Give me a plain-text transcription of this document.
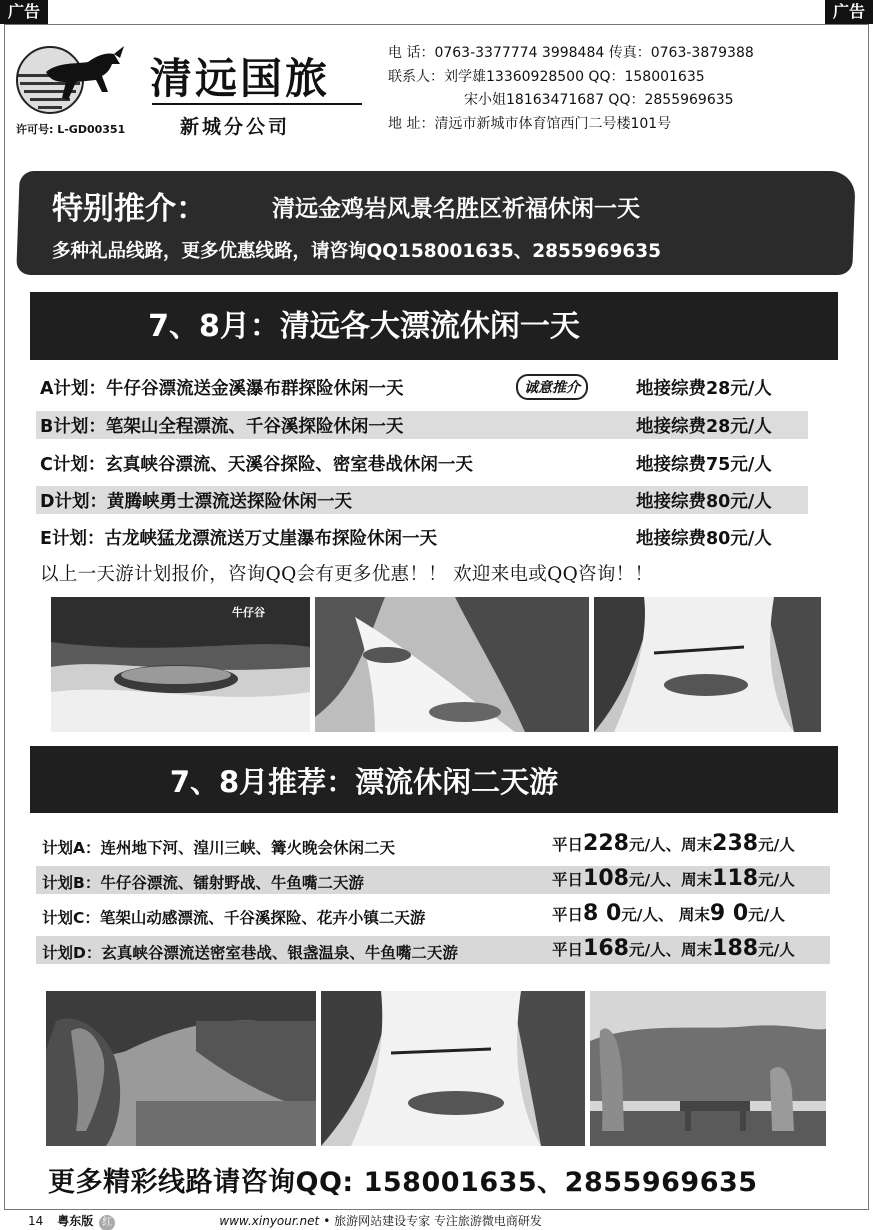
广告	广告
许可号: L-GD00351
清远国旅
新城分公司
电 话：0763-3377774 3998484 传真：0763-3879388
联系人：刘学雄13360928500 QQ：158001635
宋小姐18163471687 QQ：2855969635
地 址：清远市新城市体育馆西门二号楼101号
特别推介：	清远金鸡岩风景名胜区祈福休闲一天
多种礼品线路，更多优惠线路，请咨询QQ158001635、2855969635
7、8月：清远各大漂流休闲一天
A计划：牛仔谷漂流送金溪瀑布群探险休闲一天	诚意推介	地接综费28元/人
B计划：笔架山全程漂流、千谷溪探险休闲一天	地接综费28元/人
C计划：玄真峡谷漂流、天溪谷探险、密室巷战休闲一天	地接综费75元/人
D计划：黄腾峡勇士漂流送探险休闲一天	地接综费80元/人
E计划：古龙峡猛龙漂流送万丈崖瀑布探险休闲一天	地接综费80元/人
以上一天游计划报价，咨询QQ会有更多优惠！！ 欢迎来电或QQ咨询！！
牛仔谷
7、8月推荐：漂流休闲二天游
计划A：连州地下河、湟川三峡、篝火晚会休闲二天	平日228元/人、周末238元/人
计划B：牛仔谷漂流、镭射野战、牛鱼嘴二天游	平日108元/人、周末118元/人
计划C：笔架山动感漂流、千谷溪探险、花卉小镇二天游	平日8 0元/人、 周末9 0元/人
计划D：玄真峡谷漂流送密室巷战、银盏温泉、牛鱼嘴二天游	平日168元/人、周末188元/人
更多精彩线路请咨询QQ: 158001635、2855969635
14 粤东版 红	www.xinyour.net • 旅游网站建设专家 专注旅游微电商研发
